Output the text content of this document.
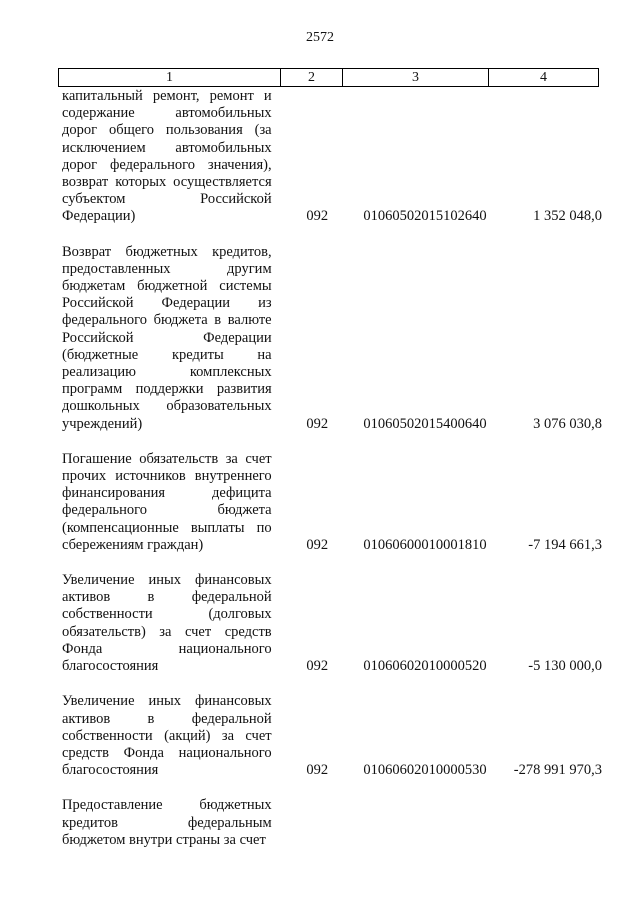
2572
1	2	3	4
капитальный ремонт, ремонт и содержание автомобильных дорог общего пользования (за исключением автомобильных дорог федерального значения), возврат которых осуществляется субъектом Российской Федерации)	092	01060502015102640	1 352 048,0
Возврат бюджетных кредитов, предоставленных другим бюджетам бюджетной системы Российской Федерации из федерального бюджета в валюте Российской Федерации (бюджетные кредиты на реализацию комплексных программ поддержки развития дошкольных образовательных учреждений)	092	01060502015400640	3 076 030,8
Погашение обязательств за счет прочих источников внутреннего финансирования дефицита федерального бюджета (компенсационные выплаты по сбережениям граждан)	092	01060600010001810	-7 194 661,3
Увеличение иных финансовых активов в федеральной собственности (долговых обязательств) за счет средств Фонда национального благосостояния	092	01060602010000520	-5 130 000,0
Увеличение иных финансовых активов в федеральной собственности (акций) за счет средств Фонда национального благосостояния	092	01060602010000530	-278 991 970,3
Предоставление бюджетных кредитов федеральным бюджетом внутри страны за счет
